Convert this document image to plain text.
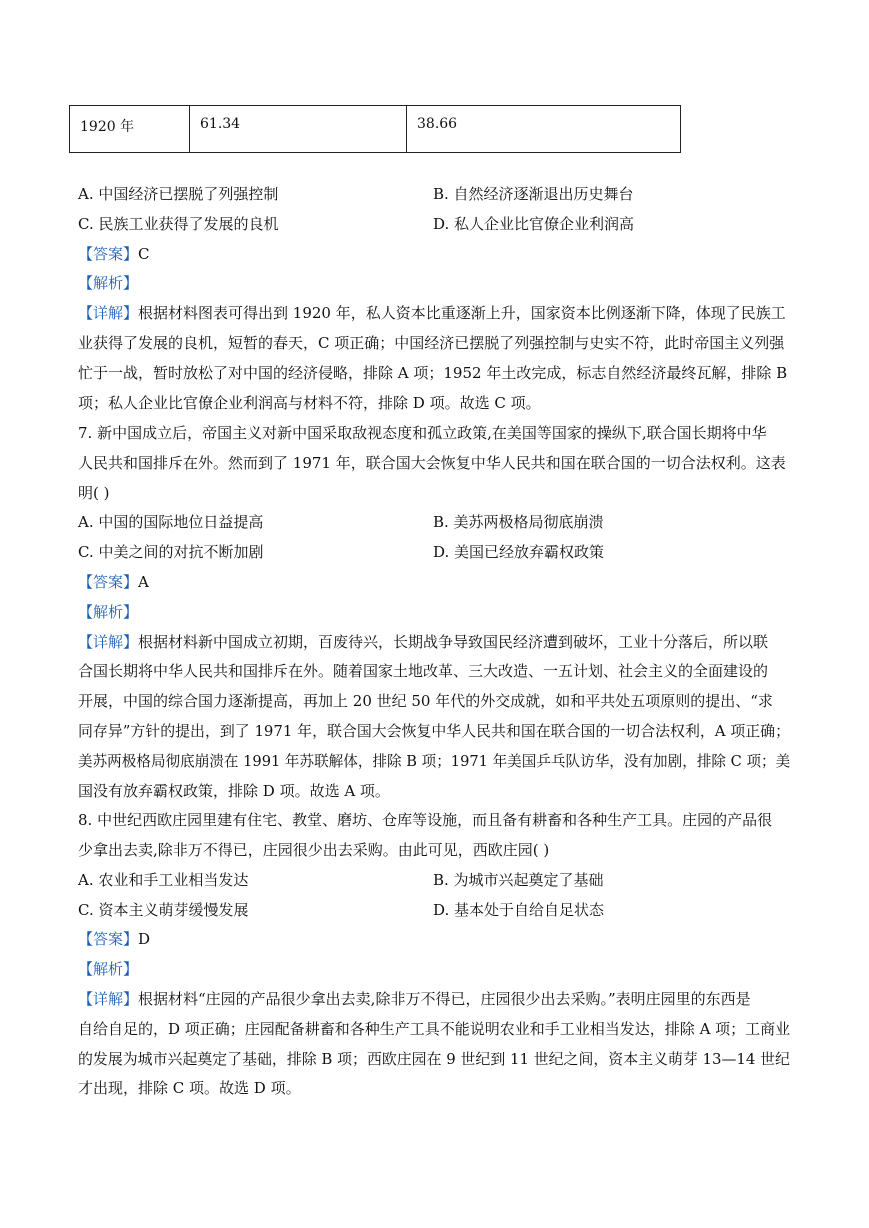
1920 年	61.34	38.66
A. 中国经济已摆脱了列强控制	B. 自然经济逐渐退出历史舞台
C. 民族工业获得了发展的良机	D. 私人企业比官僚企业利润高
【答案】C
【解析】
【详解】根据材料图表可得出到 1920 年，私人资本比重逐渐上升，国家资本比例逐渐下降，体现了民族工
业获得了发展的良机，短暂的春天，C 项正确；中国经济已摆脱了列强控制与史实不符，此时帝国主义列强
忙于一战，暂时放松了对中国的经济侵略，排除 A 项；1952 年土改完成，标志自然经济最终瓦解，排除 B
项；私人企业比官僚企业利润高与材料不符，排除 D 项。故选 C 项。
7. 新中国成立后，帝国主义对新中国采取敌视态度和孤立政策,在美国等国家的操纵下,联合国长期将中华
人民共和国排斥在外。然而到了 1971 年，联合国大会恢复中华人民共和国在联合国的一切合法权利。这表
明( )
A. 中国的国际地位日益提高	B. 美苏两极格局彻底崩溃
C. 中美之间的对抗不断加剧	D. 美国已经放弃霸权政策
【答案】A
【解析】
【详解】根据材料新中国成立初期，百废待兴，长期战争导致国民经济遭到破坏，工业十分落后，所以联
合国长期将中华人民共和国排斥在外。随着国家土地改革、三大改造、一五计划、社会主义的全面建设的
开展，中国的综合国力逐渐提高，再加上 20 世纪 50 年代的外交成就，如和平共处五项原则的提出、“求
同存异”方针的提出，到了 1971 年，联合国大会恢复中华人民共和国在联合国的一切合法权利，A 项正确；
美苏两极格局彻底崩溃在 1991 年苏联解体，排除 B 项；1971 年美国乒乓队访华，没有加剧，排除 C 项；美
国没有放弃霸权政策，排除 D 项。故选 A 项。
8. 中世纪西欧庄园里建有住宅、教堂、磨坊、仓库等设施，而且备有耕畜和各种生产工具。庄园的产品很
少拿出去卖,除非万不得已，庄园很少出去采购。由此可见，西欧庄园( )
A. 农业和手工业相当发达	B. 为城市兴起奠定了基础
C. 资本主义萌芽缓慢发展	D. 基本处于自给自足状态
【答案】D
【解析】
【详解】根据材料“庄园的产品很少拿出去卖,除非万不得已，庄园很少出去采购。”表明庄园里的东西是
自给自足的，D 项正确；庄园配备耕畜和各种生产工具不能说明农业和手工业相当发达，排除 A 项；工商业
的发展为城市兴起奠定了基础，排除 B 项；西欧庄园在 9 世纪到 11 世纪之间，资本主义萌芽 13—14 世纪
才出现，排除 C 项。故选 D 项。
